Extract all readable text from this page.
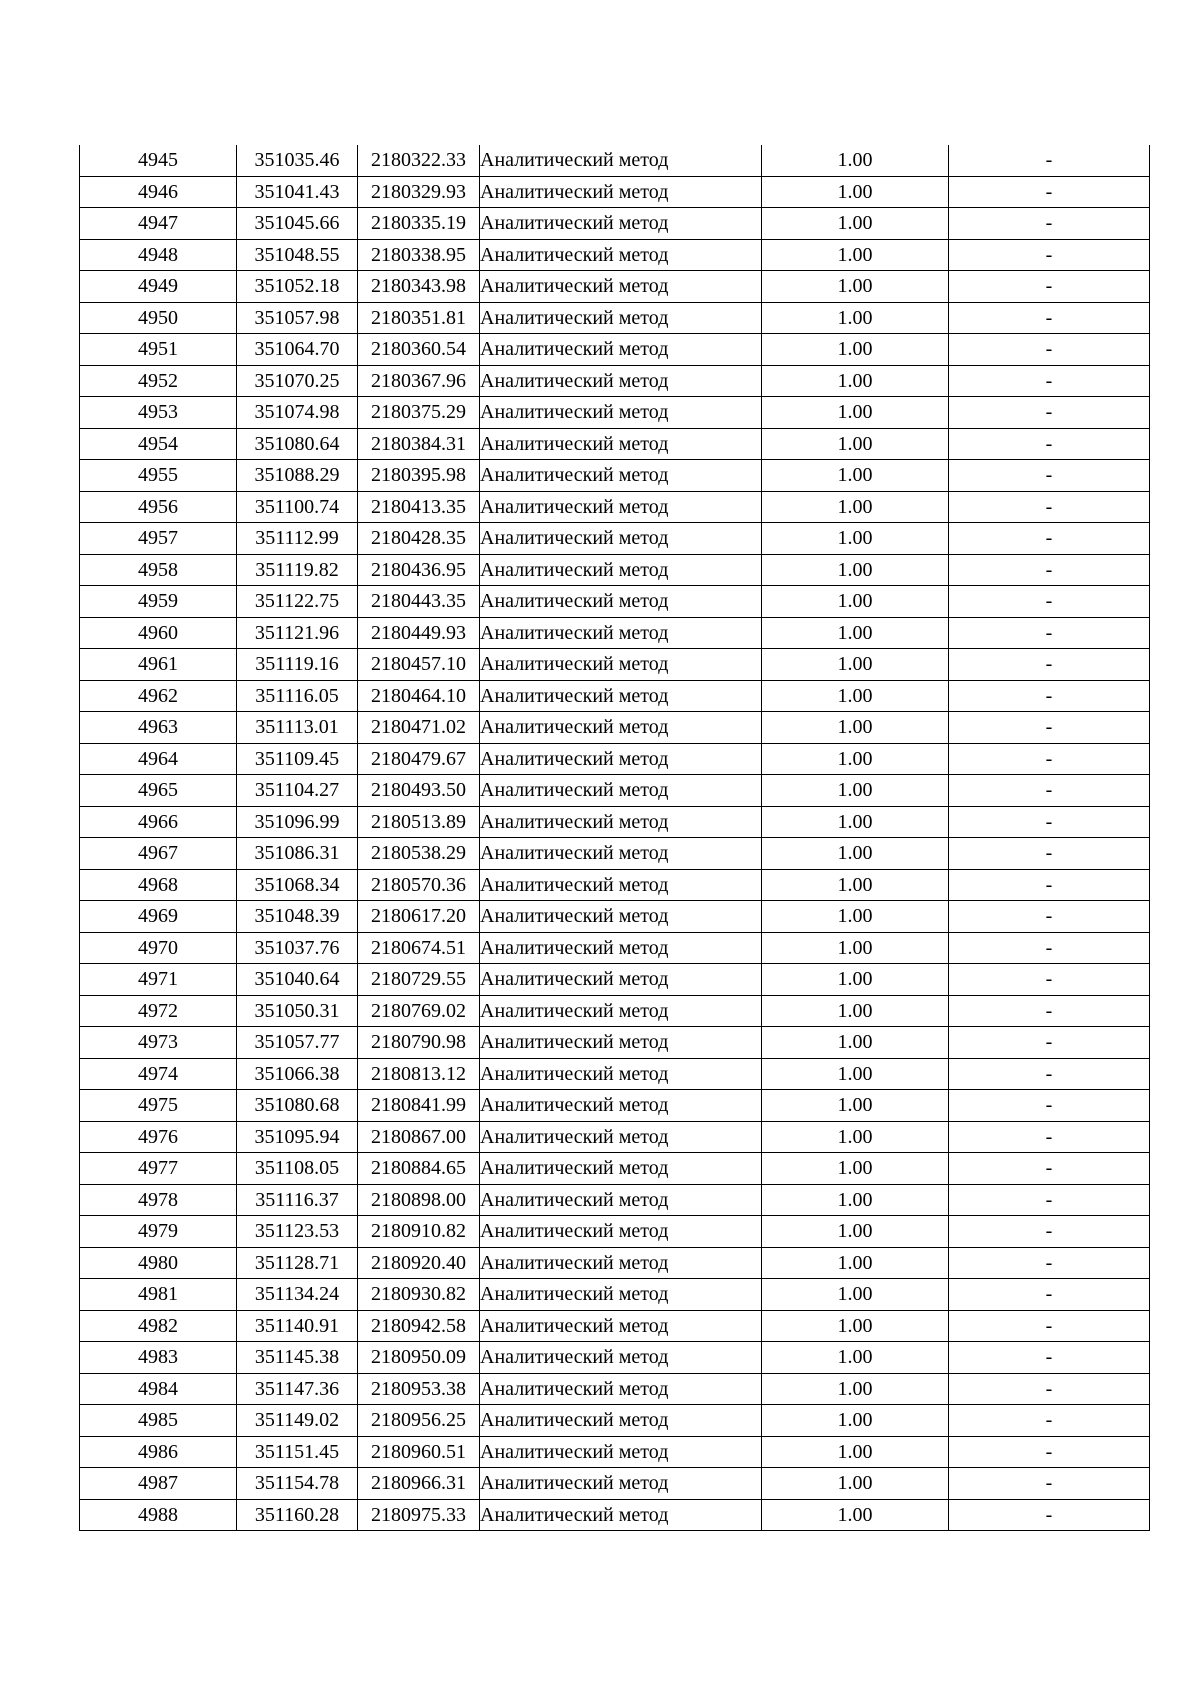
4945	351035.46	2180322.33	Аналитический метод	1.00	-
4946	351041.43	2180329.93	Аналитический метод	1.00	-
4947	351045.66	2180335.19	Аналитический метод	1.00	-
4948	351048.55	2180338.95	Аналитический метод	1.00	-
4949	351052.18	2180343.98	Аналитический метод	1.00	-
4950	351057.98	2180351.81	Аналитический метод	1.00	-
4951	351064.70	2180360.54	Аналитический метод	1.00	-
4952	351070.25	2180367.96	Аналитический метод	1.00	-
4953	351074.98	2180375.29	Аналитический метод	1.00	-
4954	351080.64	2180384.31	Аналитический метод	1.00	-
4955	351088.29	2180395.98	Аналитический метод	1.00	-
4956	351100.74	2180413.35	Аналитический метод	1.00	-
4957	351112.99	2180428.35	Аналитический метод	1.00	-
4958	351119.82	2180436.95	Аналитический метод	1.00	-
4959	351122.75	2180443.35	Аналитический метод	1.00	-
4960	351121.96	2180449.93	Аналитический метод	1.00	-
4961	351119.16	2180457.10	Аналитический метод	1.00	-
4962	351116.05	2180464.10	Аналитический метод	1.00	-
4963	351113.01	2180471.02	Аналитический метод	1.00	-
4964	351109.45	2180479.67	Аналитический метод	1.00	-
4965	351104.27	2180493.50	Аналитический метод	1.00	-
4966	351096.99	2180513.89	Аналитический метод	1.00	-
4967	351086.31	2180538.29	Аналитический метод	1.00	-
4968	351068.34	2180570.36	Аналитический метод	1.00	-
4969	351048.39	2180617.20	Аналитический метод	1.00	-
4970	351037.76	2180674.51	Аналитический метод	1.00	-
4971	351040.64	2180729.55	Аналитический метод	1.00	-
4972	351050.31	2180769.02	Аналитический метод	1.00	-
4973	351057.77	2180790.98	Аналитический метод	1.00	-
4974	351066.38	2180813.12	Аналитический метод	1.00	-
4975	351080.68	2180841.99	Аналитический метод	1.00	-
4976	351095.94	2180867.00	Аналитический метод	1.00	-
4977	351108.05	2180884.65	Аналитический метод	1.00	-
4978	351116.37	2180898.00	Аналитический метод	1.00	-
4979	351123.53	2180910.82	Аналитический метод	1.00	-
4980	351128.71	2180920.40	Аналитический метод	1.00	-
4981	351134.24	2180930.82	Аналитический метод	1.00	-
4982	351140.91	2180942.58	Аналитический метод	1.00	-
4983	351145.38	2180950.09	Аналитический метод	1.00	-
4984	351147.36	2180953.38	Аналитический метод	1.00	-
4985	351149.02	2180956.25	Аналитический метод	1.00	-
4986	351151.45	2180960.51	Аналитический метод	1.00	-
4987	351154.78	2180966.31	Аналитический метод	1.00	-
4988	351160.28	2180975.33	Аналитический метод	1.00	-
